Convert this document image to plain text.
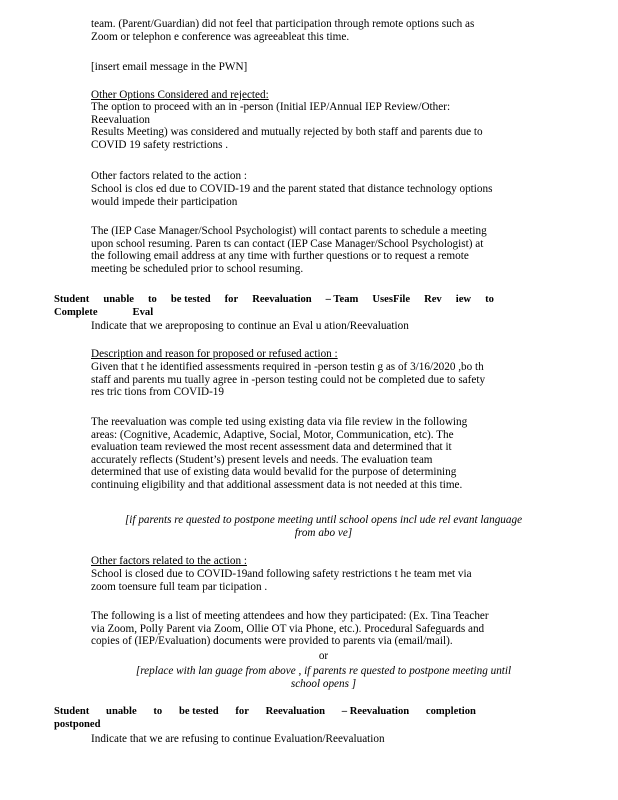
team. (Parent/Guardian) did not feel that participation through remote options such as

Zoom or telephon e conference was agreeableat this time.

[insert email message in the PWN]

Other Options Considered and rejected:

The option to proceed with an in -person (Initial IEP/Annual IEP Review/Other:

Reevaluation

Results Meeting) was considered and mutually rejected by both staff and parents due to

COVID 19 safety restrictions .

Other factors related to the action :

School is clos ed due to COVID-19 and the parent stated that distance technology options

would impede their participation

The (IEP Case Manager/School Psychologist) will contact parents to schedule a meeting

upon school resuming. Paren ts can contact (IEP Case Manager/School Psychologist) at

the following email address at any time with further questions or to request a remote

meeting be scheduled prior to school resuming.

Student unable to be tested for Reevaluation – Team UsesFile Rev iew to
Complete	Eval

Indicate that we areproposing to continue an Eval u ation/Reevaluation

Description and reason for proposed or refused action :

Given that t he identified assessments required in -person testin g as of 3/16/2020 ,bo th

staff and parents mu tually agree in -person testing could not be completed due to safety

res tric tions from COVID-19

The reevaluation was comple ted using existing data via file review in the following

areas: (Cognitive, Academic, Adaptive, Social, Motor, Communication, etc). The

evaluation team reviewed the most recent assessment data and determined that it

accurately reflects (Student’s) present levels and needs. The evaluation team

determined that use of existing data would bevalid for the purpose of determining

continuing eligibility and that additional assessment data is not needed at this time.

[if parents re quested to postpone meeting until school opens incl ude rel evant language

from abo ve]

Other factors related to the action :

School is closed due to COVID-19and following safety restrictions t he team met via

zoom toensure full team par ticipation .

The following is a list of meeting attendees and how they participated: (Ex. Tina Teacher

via Zoom, Polly Parent via Zoom, Ollie OT via Phone, etc.). Procedural Safeguards and

copies of (IEP/Evaluation) documents were provided to parents via (email/mail).

or

[replace with lan guage from above , if parents re quested to postpone meeting until

school opens ]

Student unable to be tested for Reevaluation – Reevaluation completion
postponed

Indicate that we are refusing to continue Evaluation/Reevaluation
